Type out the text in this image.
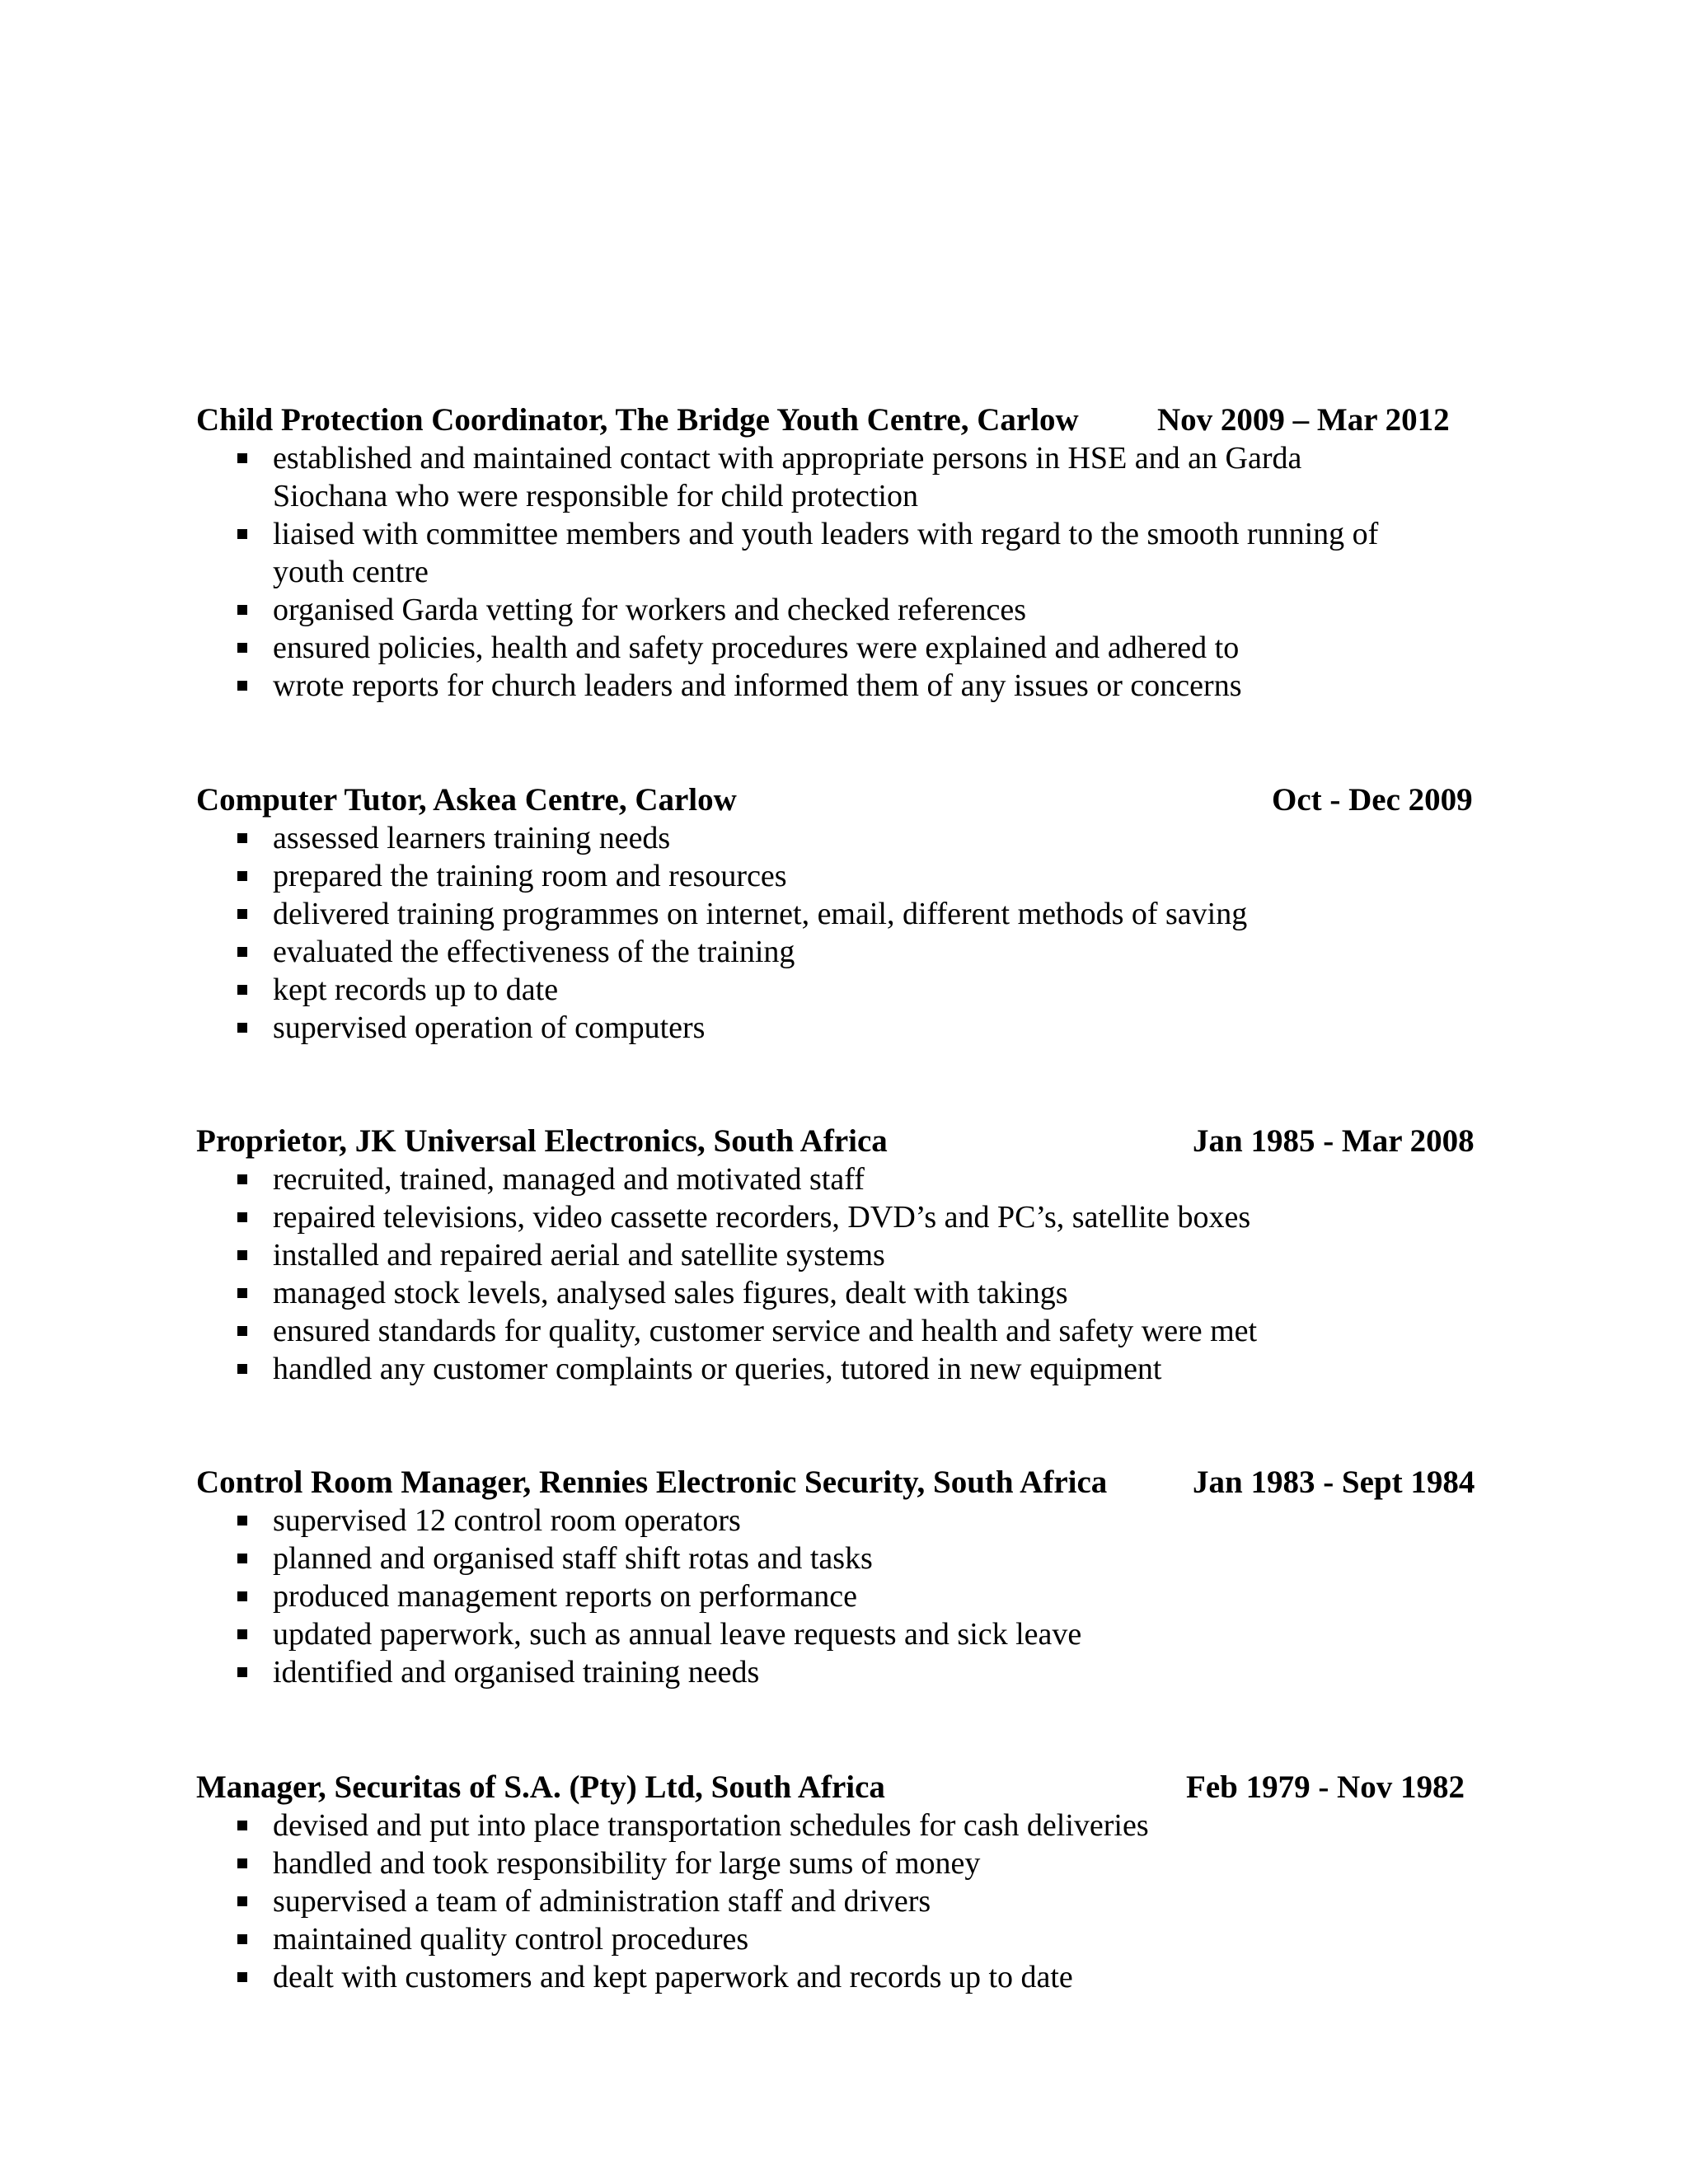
Child Protection Coordinator, The Bridge Youth Centre, Carlow Nov 2009 – Mar 2012
established and maintained contact with appropriate persons in HSE and an Garda Siochana who were responsible for child protection
liaised with committee members and youth leaders with regard to the smooth running of youth centre
organised Garda vetting for workers and checked references
ensured policies, health and safety procedures were explained and adhered to
wrote reports for church leaders and informed them of any issues or concerns
Computer Tutor, Askea Centre, Carlow	Oct - Dec 2009
assessed learners training needs
prepared the training room and resources
delivered training programmes on internet, email, different methods of saving
evaluated the effectiveness of the training
kept records up to date
supervised operation of computers
Proprietor, JK Universal Electronics, South Africa	Jan 1985 - Mar 2008
recruited, trained, managed and motivated staff
repaired televisions, video cassette recorders, DVD’s and PC’s, satellite boxes
installed and repaired aerial and satellite systems
managed stock levels, analysed sales figures, dealt with takings
ensured standards for quality, customer service and health and safety were met
handled any customer complaints or queries, tutored in new equipment
Control Room Manager, Rennies Electronic Security, South Africa	Jan 1983 - Sept 1984
supervised 12 control room operators
planned and organised staff shift rotas and tasks
produced management reports on performance
updated paperwork, such as annual leave requests and sick leave
identified and organised training needs
Manager, Securitas of S.A. (Pty) Ltd, South Africa	Feb 1979 - Nov 1982
devised and put into place transportation schedules for cash deliveries
handled and took responsibility for large sums of money
supervised a team of administration staff and drivers
maintained quality control procedures
dealt with customers and kept paperwork and records up to date
